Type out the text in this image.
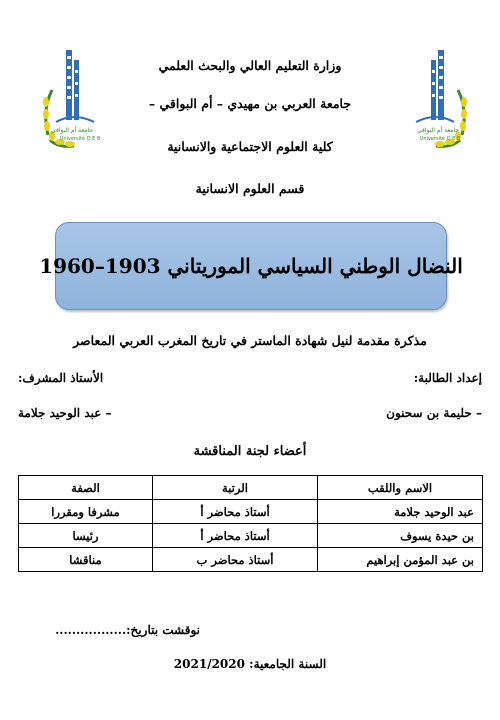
جامعة أم البواقي
Université O E B
جامعة أم البواقي
Université O E B
وزارة التعليم العالي والبحث العلمي
جامعة العربي بن مهيدي – أم البواقي –
كلية العلوم الاجتماعية والانسانية
قسم العلوم الانسانية
النضال الوطني السياسي الموريتاني 1903–1960
مذكرة مقدمة لنيل شهادة الماستر في تاريخ المغرب العربي المعاصر
إعداد الطالبة:
الأستاذ المشرف:
– حليمة بن سحنون
– عبد الوحيد جلامة
أعضاء لجنة المناقشة
الاسم واللقب	الرتبة	الصفة
عبد الوحيد جلامة	أستاذ محاضر أ	مشرفا ومقررا
بن حيدة يسوف	أستاذ محاضر أ	رئيسا
بن عبد المؤمن إبراهيم	أستاذ محاضر ب	مناقشا
نوقشت بتاريخ:.................
السنة الجامعية: 2021/2020
